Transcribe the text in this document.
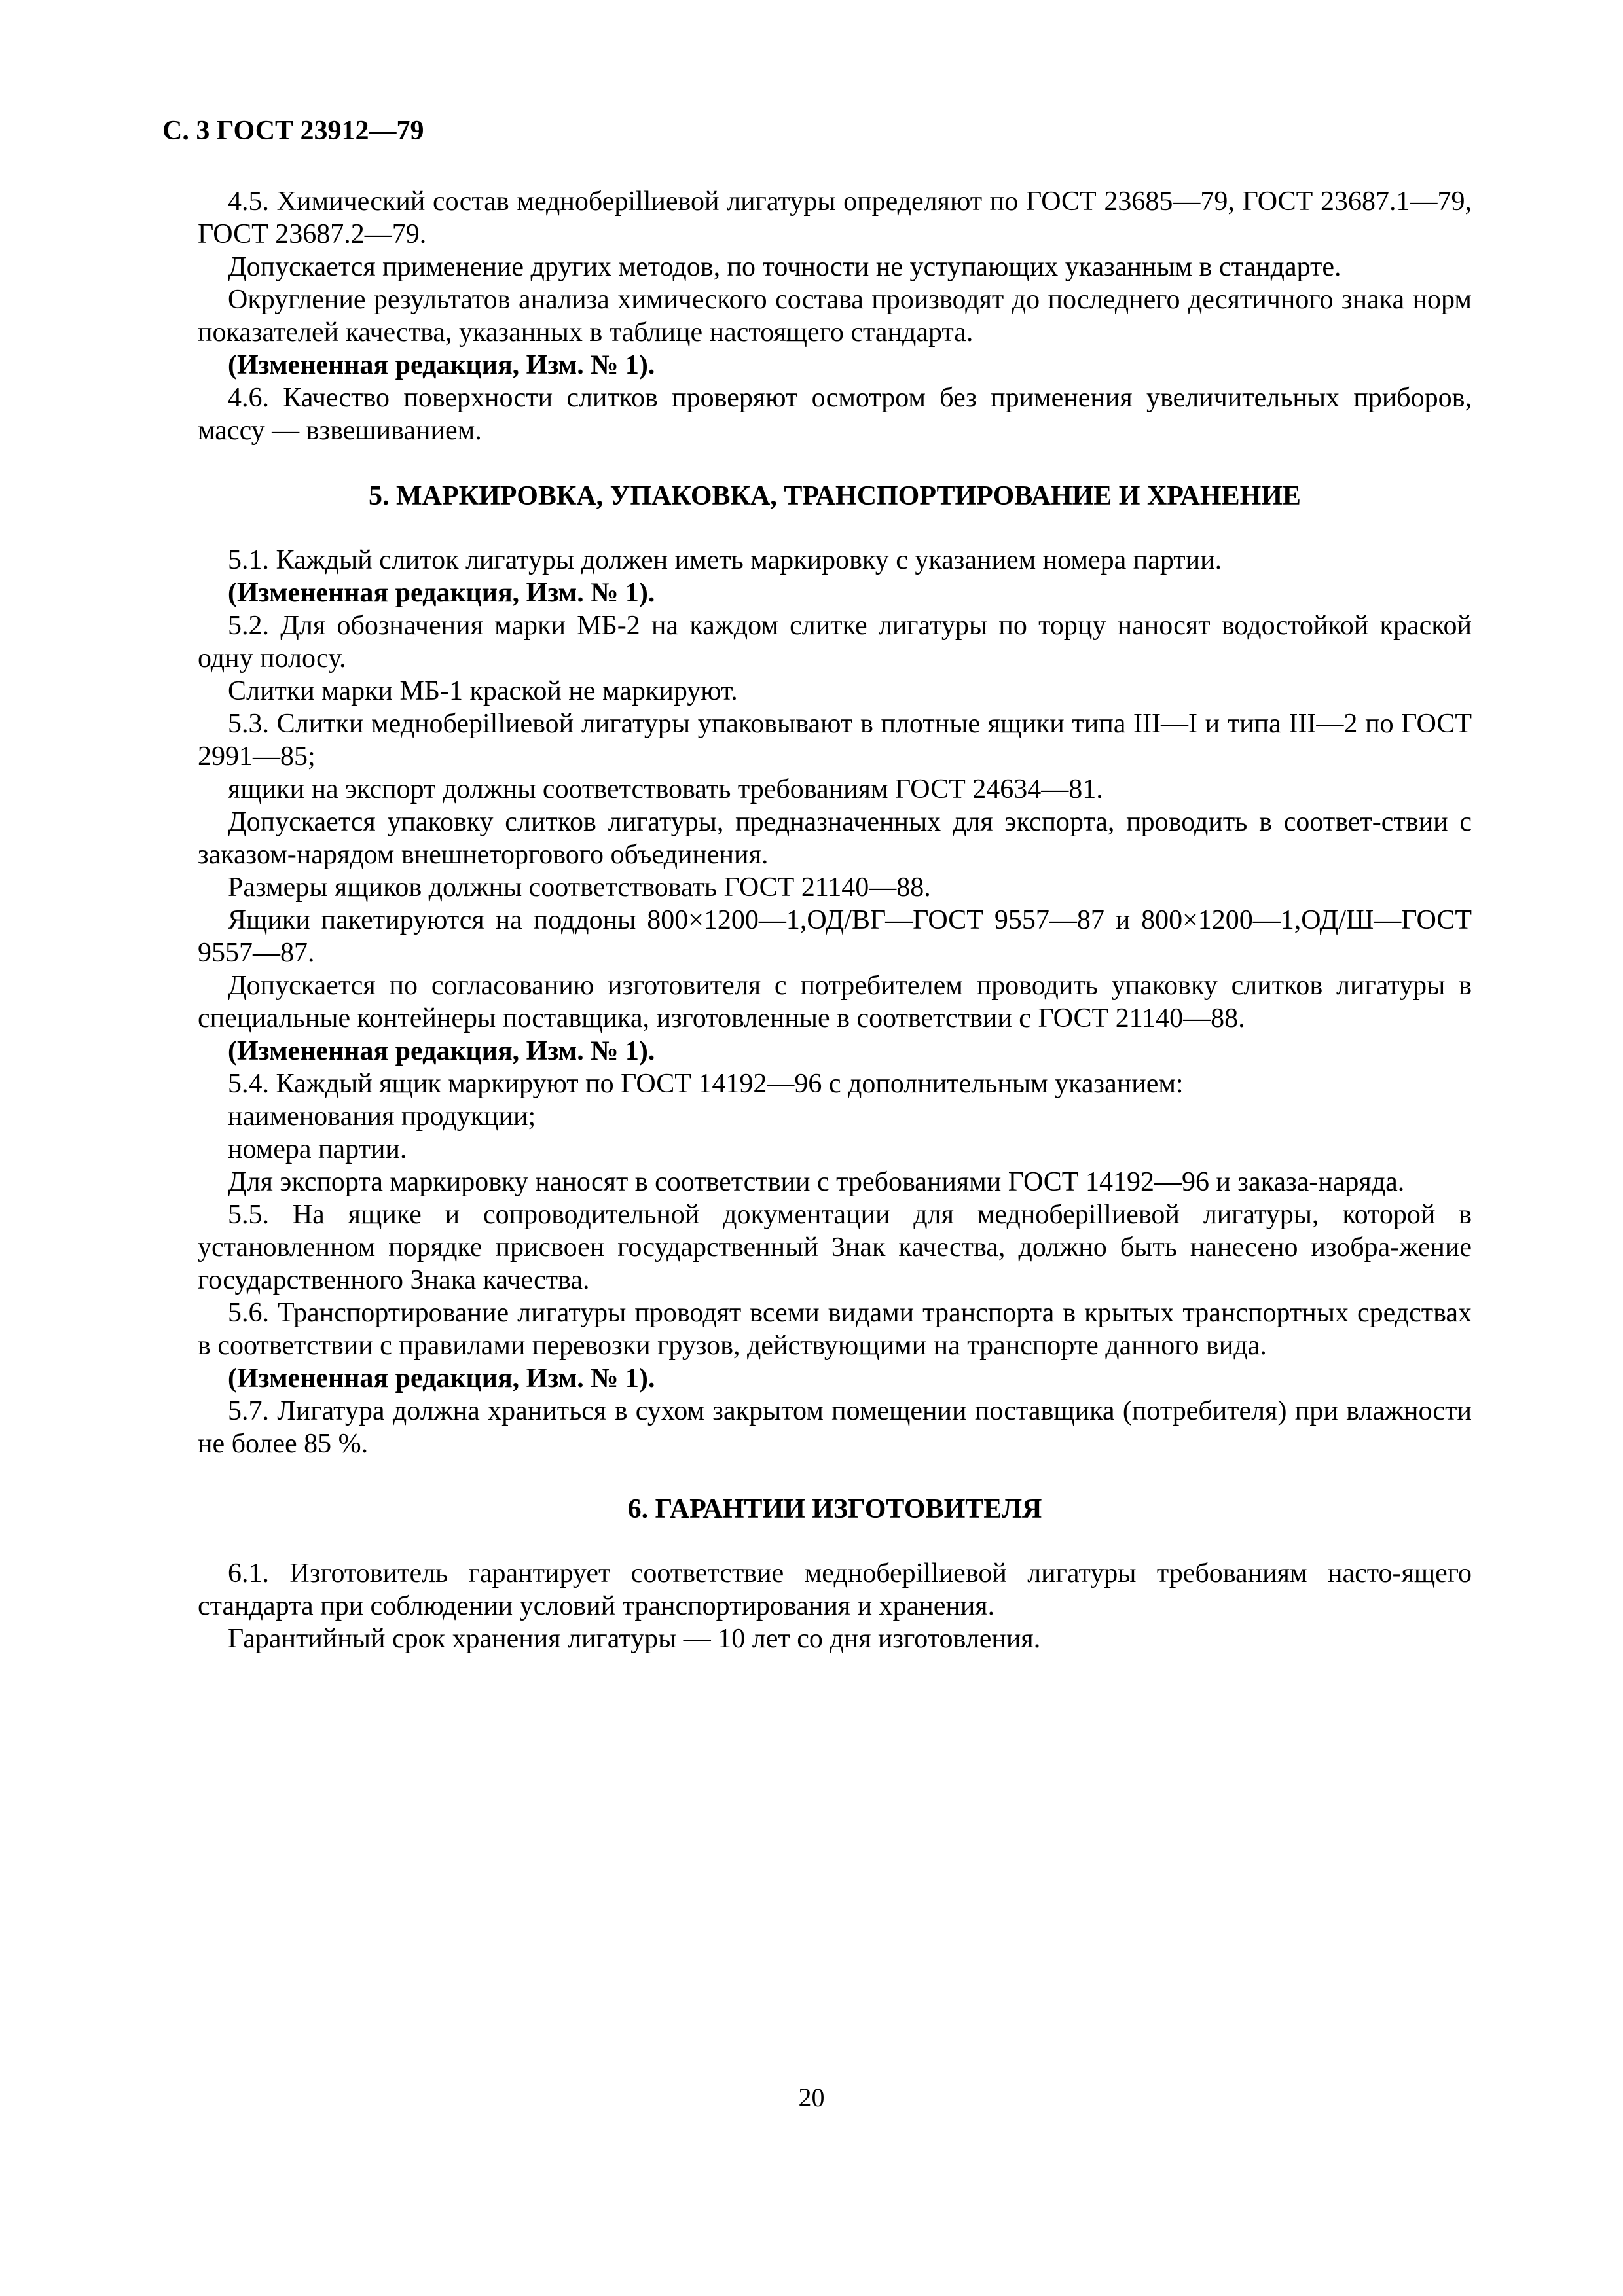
С. 3 ГОСТ 23912—79
4.5. Химический состав медноберillиевой лигатуры определяют по ГОСТ 23685—79, ГОСТ 23687.1—79, ГОСТ 23687.2—79.
Допускается применение других методов, по точности не уступающих указанным в стандарте.
Округление результатов анализа химического состава производят до последнего десятичного знака норм показателей качества, указанных в таблице настоящего стандарта.
(Измененная редакция, Изм. № 1).
4.6. Качество поверхности слитков проверяют осмотром без применения увеличительных приборов, массу — взвешиванием.
5. МАРКИРОВКА, УПАКОВКА, ТРАНСПОРТИРОВАНИЕ И ХРАНЕНИЕ
5.1. Каждый слиток лигатуры должен иметь маркировку с указанием номера партии.
(Измененная редакция, Изм. № 1).
5.2. Для обозначения марки МБ-2 на каждом слитке лигатуры по торцу наносят водостойкой краской одну полосу.
Слитки марки МБ-1 краской не маркируют.
5.3. Слитки медноберillиевой лигатуры упаковывают в плотные ящики типа III—I и типа III—2 по ГОСТ 2991—85;
ящики на экспорт должны соответствовать требованиям ГОСТ 24634—81.
Допускается упаковку слитков лигатуры, предназначенных для экспорта, проводить в соответ-ствии с заказом-нарядом внешнеторгового объединения.
Размеры ящиков должны соответствовать ГОСТ 21140—88.
Ящики пакетируются на поддоны 800×1200—1,ОД/ВГ—ГОСТ 9557—87 и 800×1200—1,ОД/Ш—ГОСТ 9557—87.
Допускается по согласованию изготовителя с потребителем проводить упаковку слитков лигатуры в специальные контейнеры поставщика, изготовленные в соответствии с ГОСТ 21140—88.
(Измененная редакция, Изм. № 1).
5.4. Каждый ящик маркируют по ГОСТ 14192—96 с дополнительным указанием:
наименования продукции;
номера партии.
Для экспорта маркировку наносят в соответствии с требованиями ГОСТ 14192—96 и заказа-наряда.
5.5. На ящике и сопроводительной документации для медноберillиевой лигатуры, которой в установленном порядке присвоен государственный Знак качества, должно быть нанесено изобра-жение государственного Знака качества.
5.6. Транспортирование лигатуры проводят всеми видами транспорта в крытых транспортных средствах в соответствии с правилами перевозки грузов, действующими на транспорте данного вида.
(Измененная редакция, Изм. № 1).
5.7. Лигатура должна храниться в сухом закрытом помещении поставщика (потребителя) при влажности не более 85 %.
6. ГАРАНТИИ ИЗГОТОВИТЕЛЯ
6.1. Изготовитель гарантирует соответствие медноберillиевой лигатуры требованиям насто-ящего стандарта при соблюдении условий транспортирования и хранения.
Гарантийный срок хранения лигатуры — 10 лет со дня изготовления.
20
